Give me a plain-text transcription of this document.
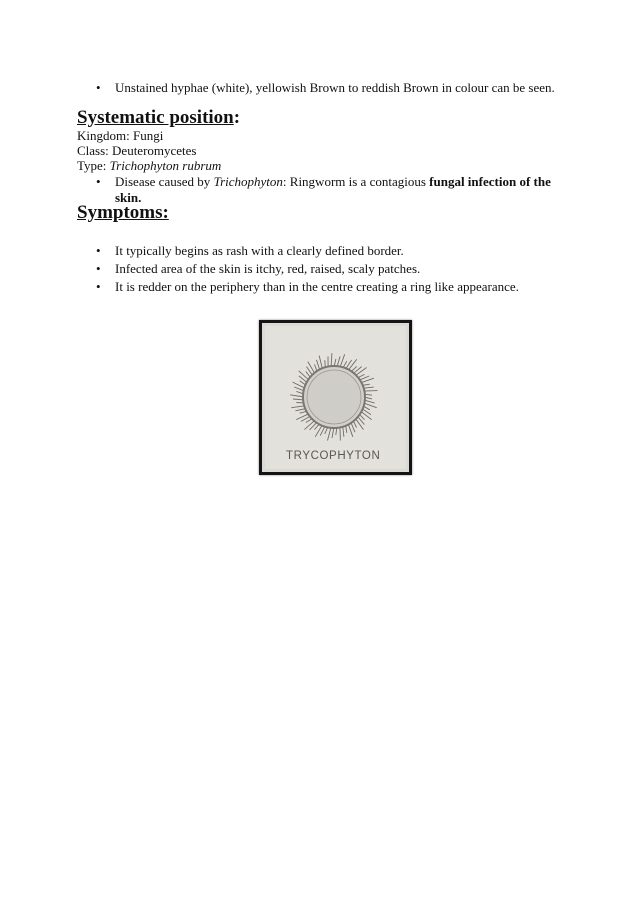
• Unstained hyphae (white), yellowish Brown to reddish Brown in colour can be seen.
Systematic position:

Kingdom: Fungi

Class: Deuteromycetes

Type: Trichophyton rubrum

• Disease caused by Trichophyton: Ringworm is a contagious fungal infection of the skin.
Symptoms:
• It typically begins as rash with a clearly defined border.
• Infected area of the skin is itchy, red, raised, scaly patches.
• It is redder on the periphery than in the centre creating a ring like appearance.
TRYCOPHYTON
